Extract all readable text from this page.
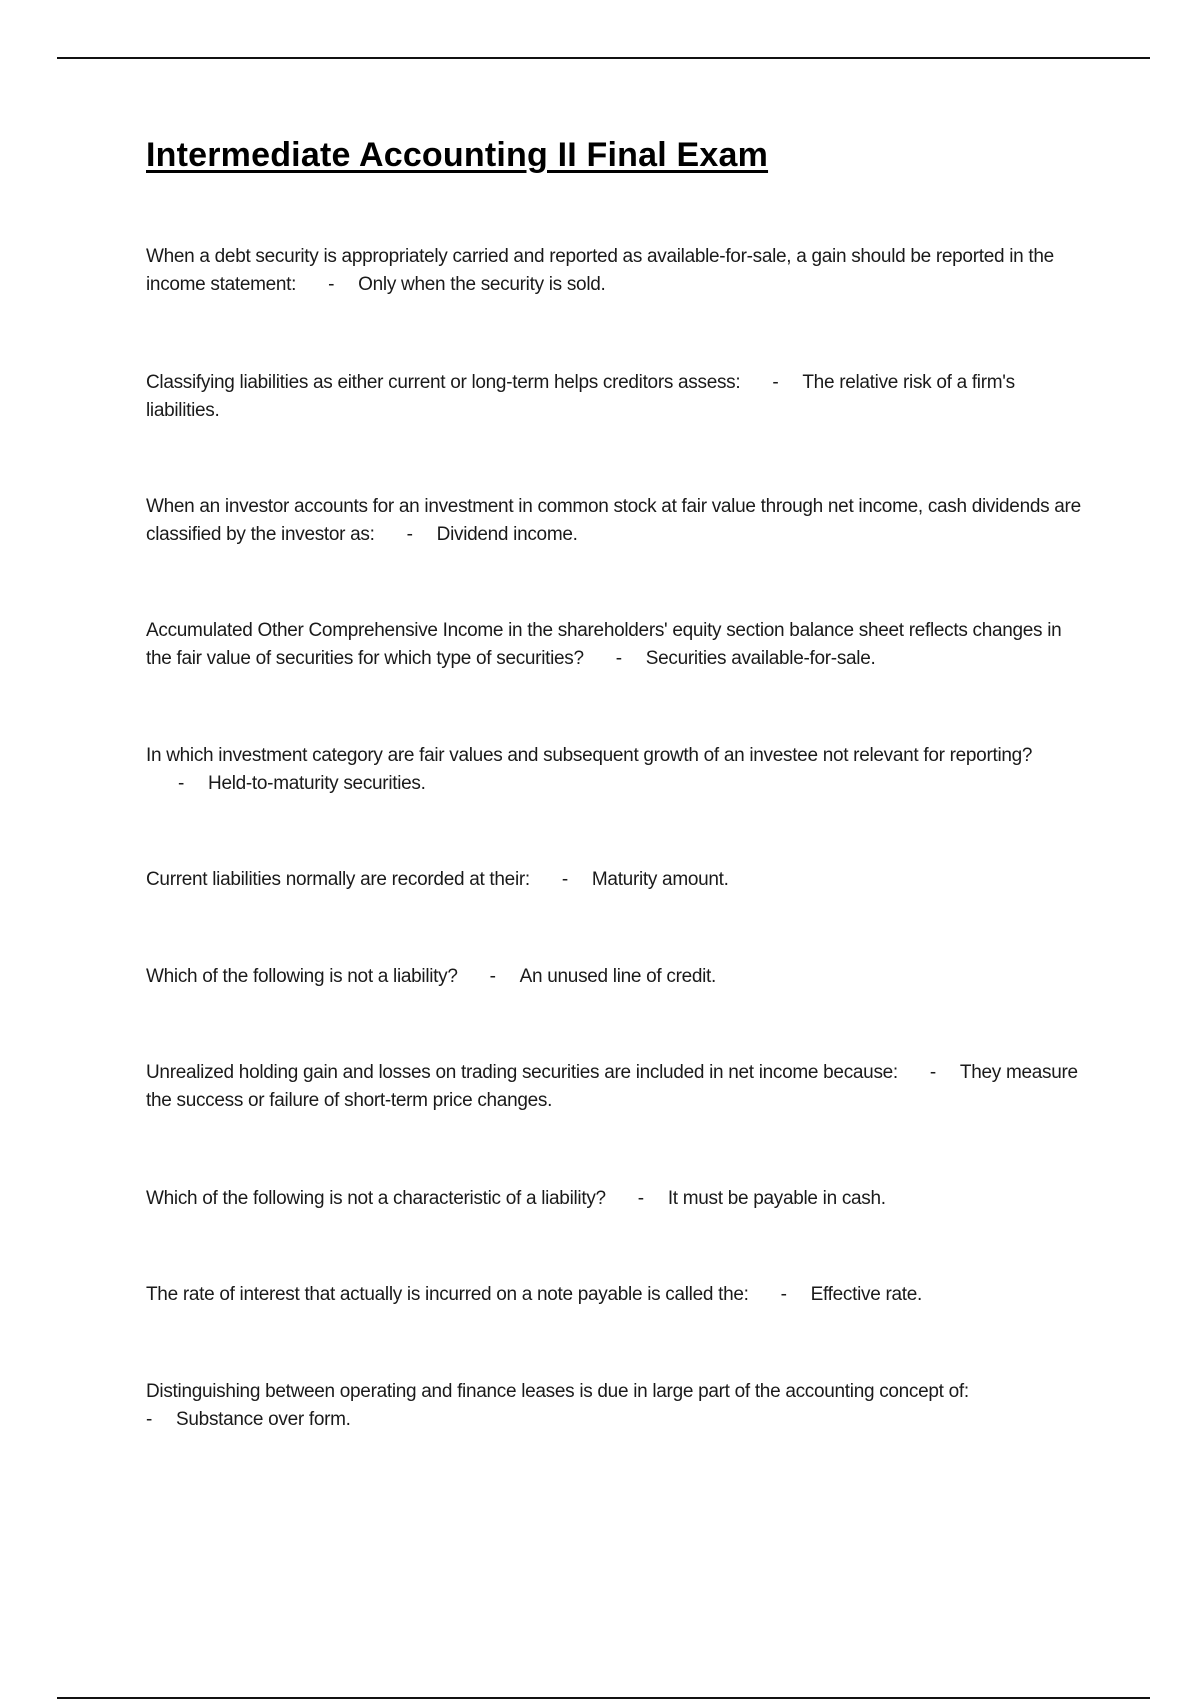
Intermediate Accounting II Final Exam
When a debt security is appropriately carried and reported as available-for-sale, a gain should be reported in the income statement: - Only when the security is sold.
Classifying liabilities as either current or long-term helps creditors assess: - The relative risk of a firm's liabilities.
When an investor accounts for an investment in common stock at fair value through net income, cash dividends are classified by the investor as: - Dividend income.
Accumulated Other Comprehensive Income in the shareholders' equity section balance sheet reflects changes in the fair value of securities for which type of securities? - Securities available-for-sale.
In which investment category are fair values and subsequent growth of an investee not relevant for reporting?- Held-to-maturity securities.
Current liabilities normally are recorded at their: - Maturity amount.
Which of the following is not a liability? - An unused line of credit.
Unrealized holding gain and losses on trading securities are included in net income because: - They measure the success or failure of short-term price changes.
Which of the following is not a characteristic of a liability? - It must be payable in cash.
The rate of interest that actually is incurred on a note payable is called the: - Effective rate.
Distinguishing between operating and finance leases is due in large part of the accounting concept of:
- Substance over form.
